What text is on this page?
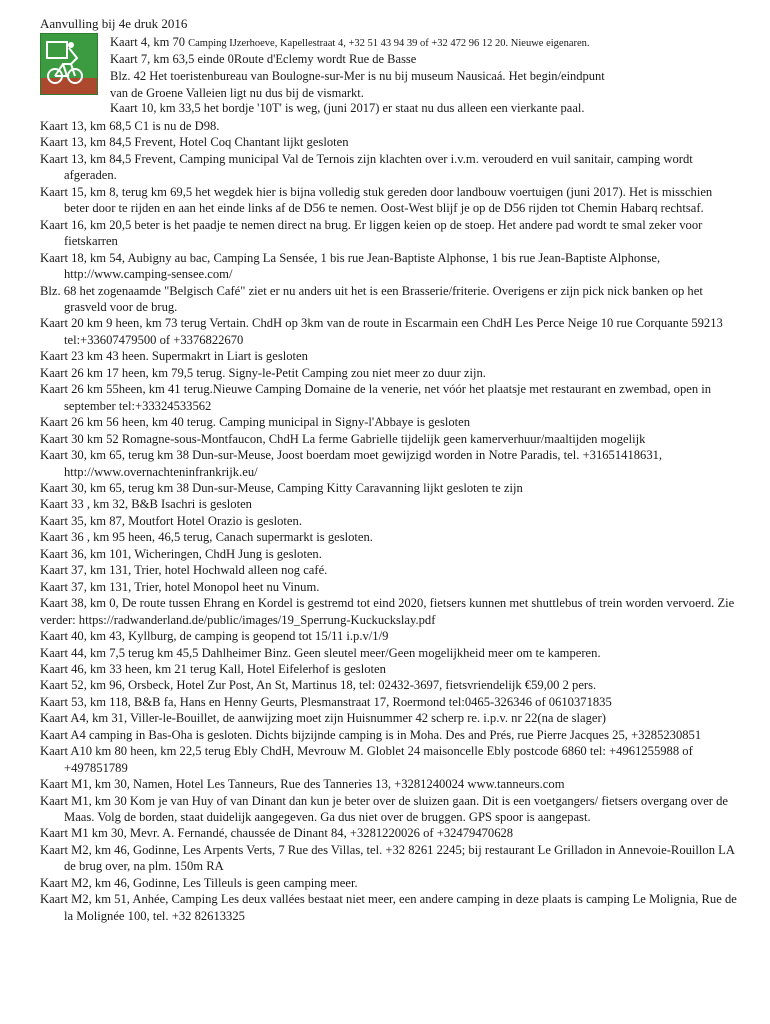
Aanvulling bij 4e druk 2016
Kaart 4, km 70 Camping IJzerhoeve, Kapellestraat 4, +32 51 43 94 39 of +32 472 96 12 20. Nieuwe eigenaren.
Kaart 7, km 63,5 einde 0Route d'Eclemy wordt Rue de Basse
Blz. 42 Het toeristenbureau van Boulogne-sur-Mer is nu bij museum Nausicaá. Het begin/eindpunt
van de Groene Valleien ligt nu dus bij de vismarkt.
Kaart 10, km 33,5 het bordje '10T' is weg, (juni 2017) er staat nu dus alleen een vierkante paal.
Kaart 13, km 68,5 C1 is nu de D98.
Kaart 13, km 84,5 Frevent, Hotel Coq Chantant lijkt gesloten
Kaart 13, km 84,5 Frevent, Camping municipal Val de Ternois zijn klachten over i.v.m. verouderd en vuil sanitair, camping wordt afgeraden.
Kaart 15, km 8, terug km 69,5 het wegdek hier is bijna volledig stuk gereden door landbouw voertuigen (juni 2017). Het is misschien beter door te rijden en aan het einde links af de D56 te nemen. Oost-West blijf je op de D56 rijden tot Chemin Habarq rechtsaf.
Kaart 16, km 20,5 beter is het paadje te nemen direct na brug. Er liggen keien op de stoep. Het andere pad wordt te smal zeker voor fietskarren
Kaart 18, km 54, Aubigny au bac, Camping La Sensée, 1 bis rue Jean-Baptiste Alphonse, 1 bis rue Jean-Baptiste Alphonse, http://www.camping-sensee.com/
Blz. 68 het zogenaamde "Belgisch Café" ziet er nu anders uit het is een Brasserie/friterie. Overigens er zijn pick nick banken op het grasveld voor de brug.
Kaart 20 km 9 heen, km 73 terug Vertain. ChdH op 3km van de route in Escarmain een ChdH Les Perce Neige 10 rue Corquante 59213 tel:+33607479500 of +3376822670
Kaart 23 km 43 heen. Supermakrt in Liart is gesloten
Kaart 26 km 17 heen, km 79,5 terug. Signy-le-Petit Camping zou niet meer zo duur zijn.
Kaart 26 km 55heen, km 41 terug.Nieuwe Camping Domaine de la venerie, net vóór het plaatsje met restaurant en zwembad, open in september tel:+33324533562
Kaart 26 km 56 heen, km 40 terug. Camping municipal in Signy-l'Abbaye is gesloten
Kaart 30 km 52 Romagne-sous-Montfaucon, ChdH La ferme Gabrielle tijdelijk geen kamerverhuur/maaltijden mogelijk
Kaart 30, km 65, terug km 38 Dun-sur-Meuse, Joost boerdam moet gewijzigd worden in Notre Paradis, tel. +31651418631, http://www.overnachteninfrankrijk.eu/
Kaart 30, km 65, terug km 38 Dun-sur-Meuse, Camping Kitty Caravanning lijkt gesloten te zijn
Kaart 33 , km 32, B&B Isachri is gesloten
Kaart 35, km 87, Moutfort Hotel Orazio is gesloten.
Kaart 36 , km 95 heen, 46,5 terug, Canach supermarkt is gesloten.
Kaart 36, km 101, Wicheringen, ChdH Jung is gesloten.
Kaart 37, km 131, Trier, hotel Hochwald alleen nog café.
Kaart 37, km 131, Trier, hotel Monopol heet nu Vinum.
Kaart 38, km 0, De route tussen Ehrang en Kordel is gestremd tot eind 2020, fietsers kunnen met shuttlebus of trein worden vervoerd. Zie verder: https://radwanderland.de/public/images/19_Sperrung-Kuckuckslay.pdf
Kaart 40, km 43, Kyllburg, de camping is geopend tot 15/11 i.p.v/1/9
Kaart 44, km 7,5 terug km 45,5 Dahlheimer Binz. Geen sleutel meer/Geen mogelijkheid meer om te kamperen.
Kaart 46, km 33 heen, km 21 terug Kall, Hotel Eifelerhof is gesloten
Kaart 52, km 96, Orsbeck, Hotel Zur Post, An St, Martinus 18, tel: 02432-3697, fietsvriendelijk €59,00 2 pers.
Kaart 53, km 118, B&B fa, Hans en Henny Geurts, Plesmanstraat 17, Roermond tel:0465-326346 of 0610371835
Kaart A4, km 31, Viller-le-Bouillet, de aanwijzing moet zijn Huisnummer 42 scherp re. i.p.v. nr 22(na de slager)
Kaart A4 camping in Bas-Oha is gesloten. Dichts bijzijnde camping is in Moha. Des and Prés, rue Pierre Jacques 25, +3285230851
Kaart A10 km 80 heen, km 22,5 terug Ebly ChdH, Mevrouw M. Globlet 24 maisoncelle Ebly postcode 6860 tel: +4961255988 of +497851789
Kaart M1, km 30, Namen, Hotel Les Tanneurs, Rue des Tanneries 13, +3281240024 www.tanneurs.com
Kaart M1, km 30 Kom je van Huy of van Dinant dan kun je beter over de sluizen gaan. Dit is een voetgangers/ fietsers overgang over de Maas. Volg de borden, staat duidelijk aangegeven. Ga dus niet over de bruggen. GPS spoor is aangepast.
Kaart M1 km 30, Mevr. A. Fernandé, chaussée de Dinant 84, +3281220026 of +32479470628
Kaart M2, km 46, Godinne, Les Arpents Verts, 7 Rue des Villas, tel. +32 8261 2245; bij restaurant Le Grilladon in Annevoie-Rouillon LA de brug over, na plm. 150m RA
Kaart M2, km 46, Godinne, Les Tilleuls is geen camping meer.
Kaart M2, km 51, Anhée, Camping Les deux vallées bestaat niet meer, een andere camping in deze plaats is camping Le Molignia, Rue de la Molignée 100, tel. +32 82613325
